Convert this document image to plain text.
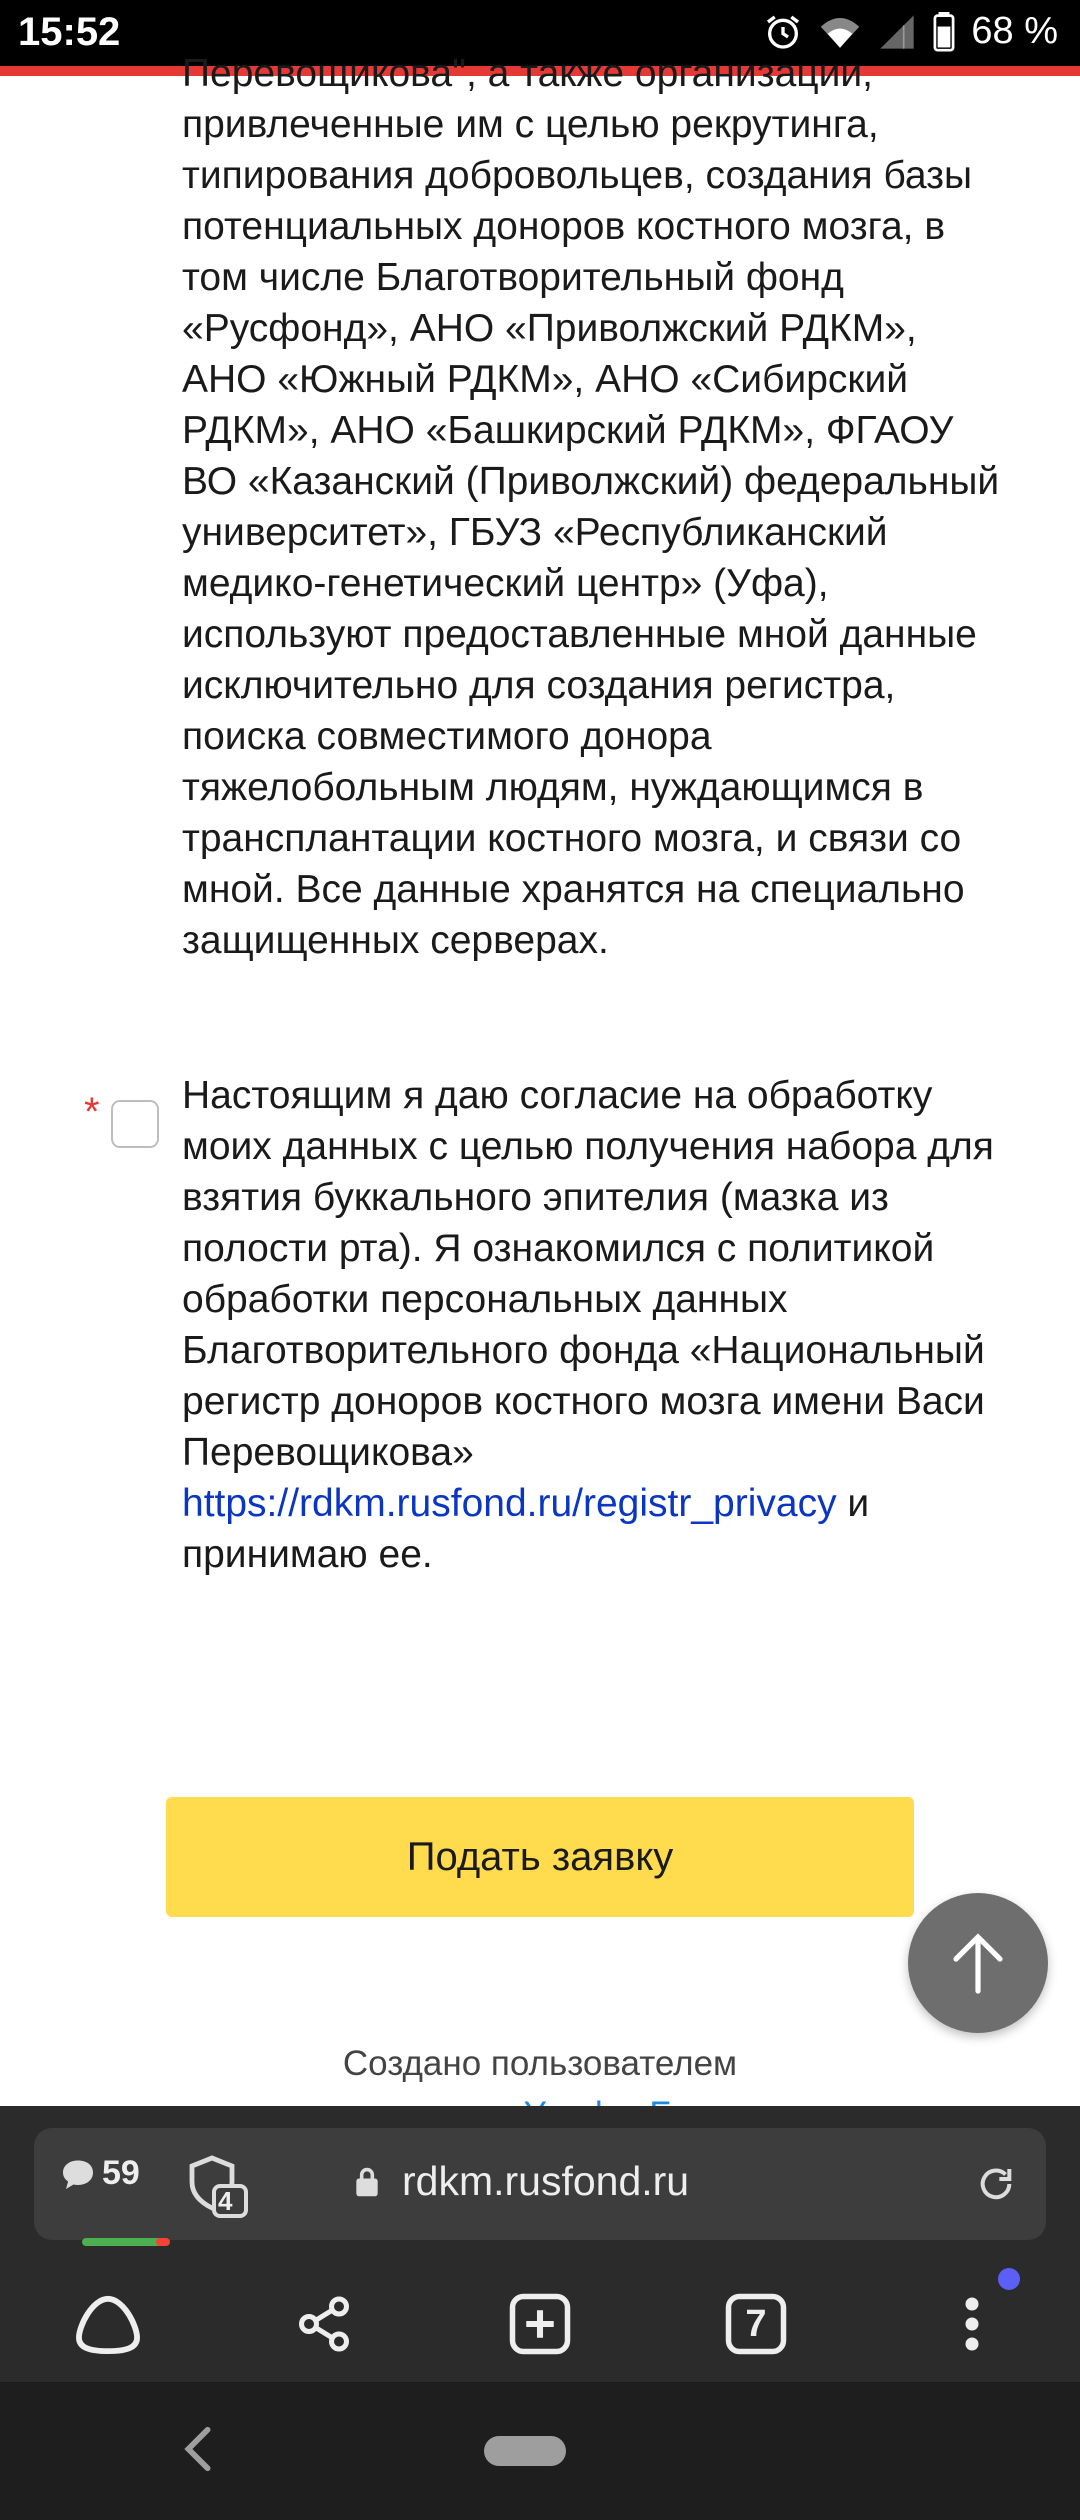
15:52	68 %
Перевощикова", а также организации, привлеченные им с целью рекрутинга, типирования добровольцев, создания базы потенциальных доноров костного мозга, в том числе Благотворительный фонд «Русфонд», АНО «Приволжский РДКМ», АНО «Южный РДКМ», АНО «Сибирский РДКМ», АНО «Башкирский РДКМ», ФГАОУ ВО «Казанский (Приволжский) федеральный университет», ГБУЗ «Республиканский медико-генетический центр» (Уфа), используют предоставленные мной данные исключительно для создания регистра, поиска совместимого донора тяжелобольным людям, нуждающимся в трансплантации костного мозга, и связи со мной. Все данные хранятся на специально защищенных серверах.
* Настоящим я даю согласие на обработку моих данных с целью получения набора для взятия буккального эпителия (мазка из полости рта). Я ознакомился с политикой обработки персональных данных Благотворительного фонда «Национальный регистр доноров костного мозга имени Васи Перевощикова»
https://rdkm.rusfond.ru/registr_privacy и принимаю ее.
Подать заявку
Создано пользователем
59
4	rdkm.rusfond.ru
7
